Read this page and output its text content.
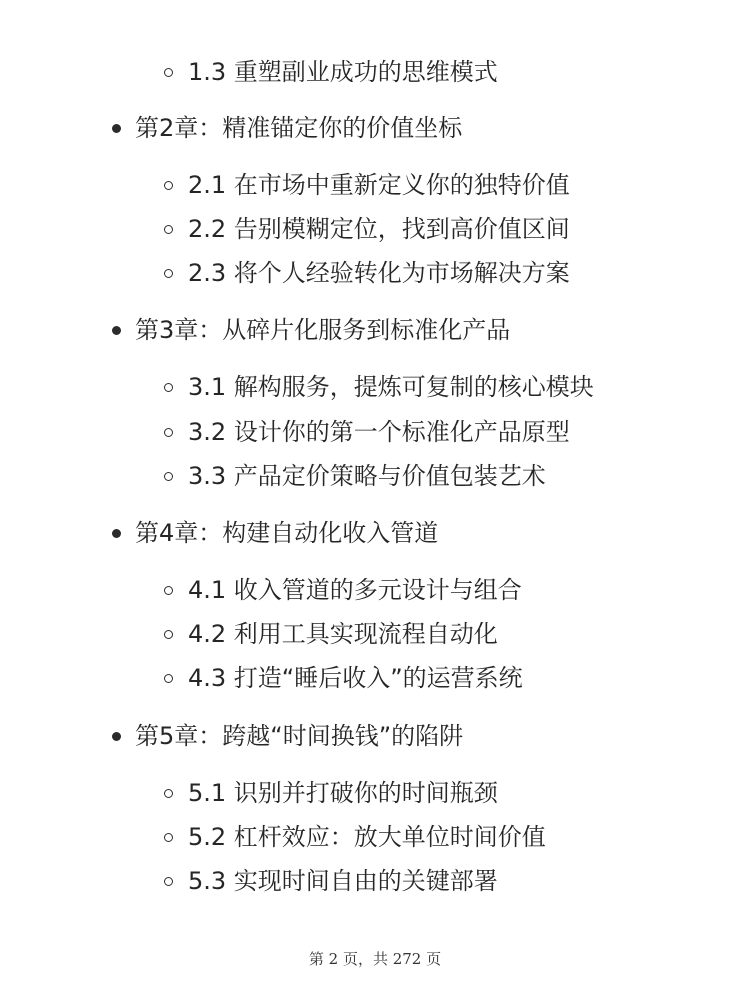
1.3 重塑副业成功的思维模式
第2章：精准锚定你的价值坐标
2.1 在市场中重新定义你的独特价值
2.2 告别模糊定位，找到高价值区间
2.3 将个人经验转化为市场解决方案
第3章：从碎片化服务到标准化产品
3.1 解构服务，提炼可复制的核心模块
3.2 设计你的第一个标准化产品原型
3.3 产品定价策略与价值包装艺术
第4章：构建自动化收入管道
4.1 收入管道的多元设计与组合
4.2 利用工具实现流程自动化
4.3 打造“睡后收入”的运营系统
第5章：跨越“时间换钱”的陷阱
5.1 识别并打破你的时间瓶颈
5.2 杠杆效应：放大单位时间价值
5.3 实现时间自由的关键部署
第 2 页，共 272 页
